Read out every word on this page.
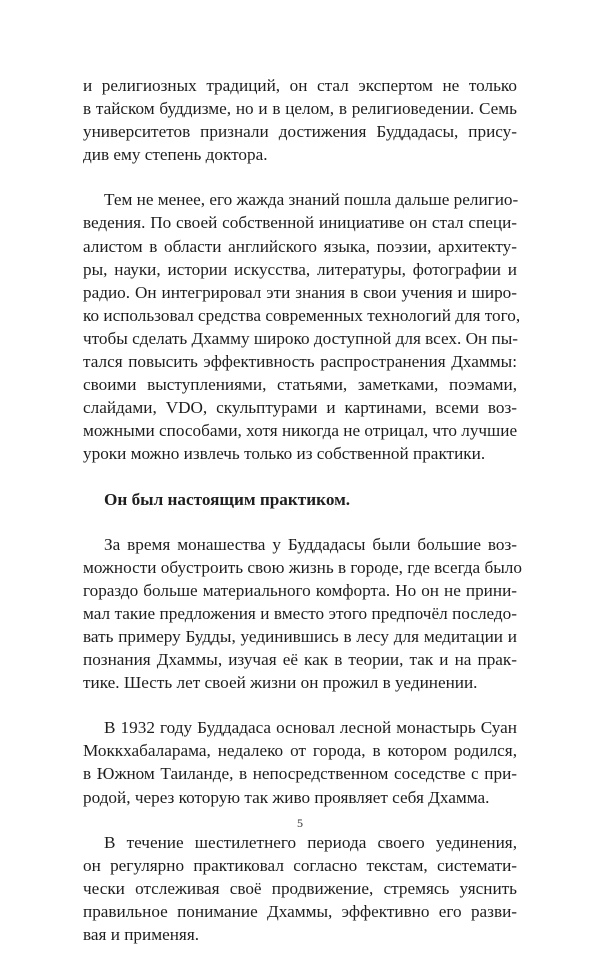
и религиозных традиций, он стал экспертом не только
в тайском буддизме, но и в целом, в религиоведении. Семь
университетов признали достижения Буддадасы, прису-
див ему степень доктора.
Тем не менее, его жажда знаний пошла дальше религио-
ведения. По своей собственной инициативе он стал специ-
алистом в области английского языка, поэзии, архитекту-
ры, науки, истории искусства, литературы, фотографии и
радио. Он интегрировал эти знания в свои учения и широ-
ко использовал средства современных технологий для того,
чтобы сделать Дхамму широко доступной для всех. Он пы-
тался повысить эффективность распространения Дхаммы:
своими выступлениями, статьями, заметками, поэмами,
слайдами, VDO, скульптурами и картинами, всеми воз-
можными способами, хотя никогда не отрицал, что лучшие
уроки можно извлечь только из собственной практики.
Он был настоящим практиком.
За время монашества у Буддадасы были большие воз-
можности обустроить свою жизнь в городе, где всегда было
гораздо больше материального комфорта. Но он не прини-
мал такие предложения и вместо этого предпочёл последо-
вать примеру Будды, уединившись в лесу для медитации и
познания Дхаммы, изучая её как в теории, так и на прак-
тике. Шесть лет своей жизни он прожил в уединении.
В 1932 году Буддадаса основал лесной монастырь Суан
Моккхабаларама, недалеко от города, в котором родился,
в Южном Таиланде, в непосредственном соседстве с при-
родой, через которую так живо проявляет себя Дхамма.
В течение шестилетнего периода своего уединения,
он регулярно практиковал согласно текстам, системати-
чески отслеживая своё продвижение, стремясь уяснить
правильное понимание Дхаммы, эффективно его разви-
вая и применяя.
5
